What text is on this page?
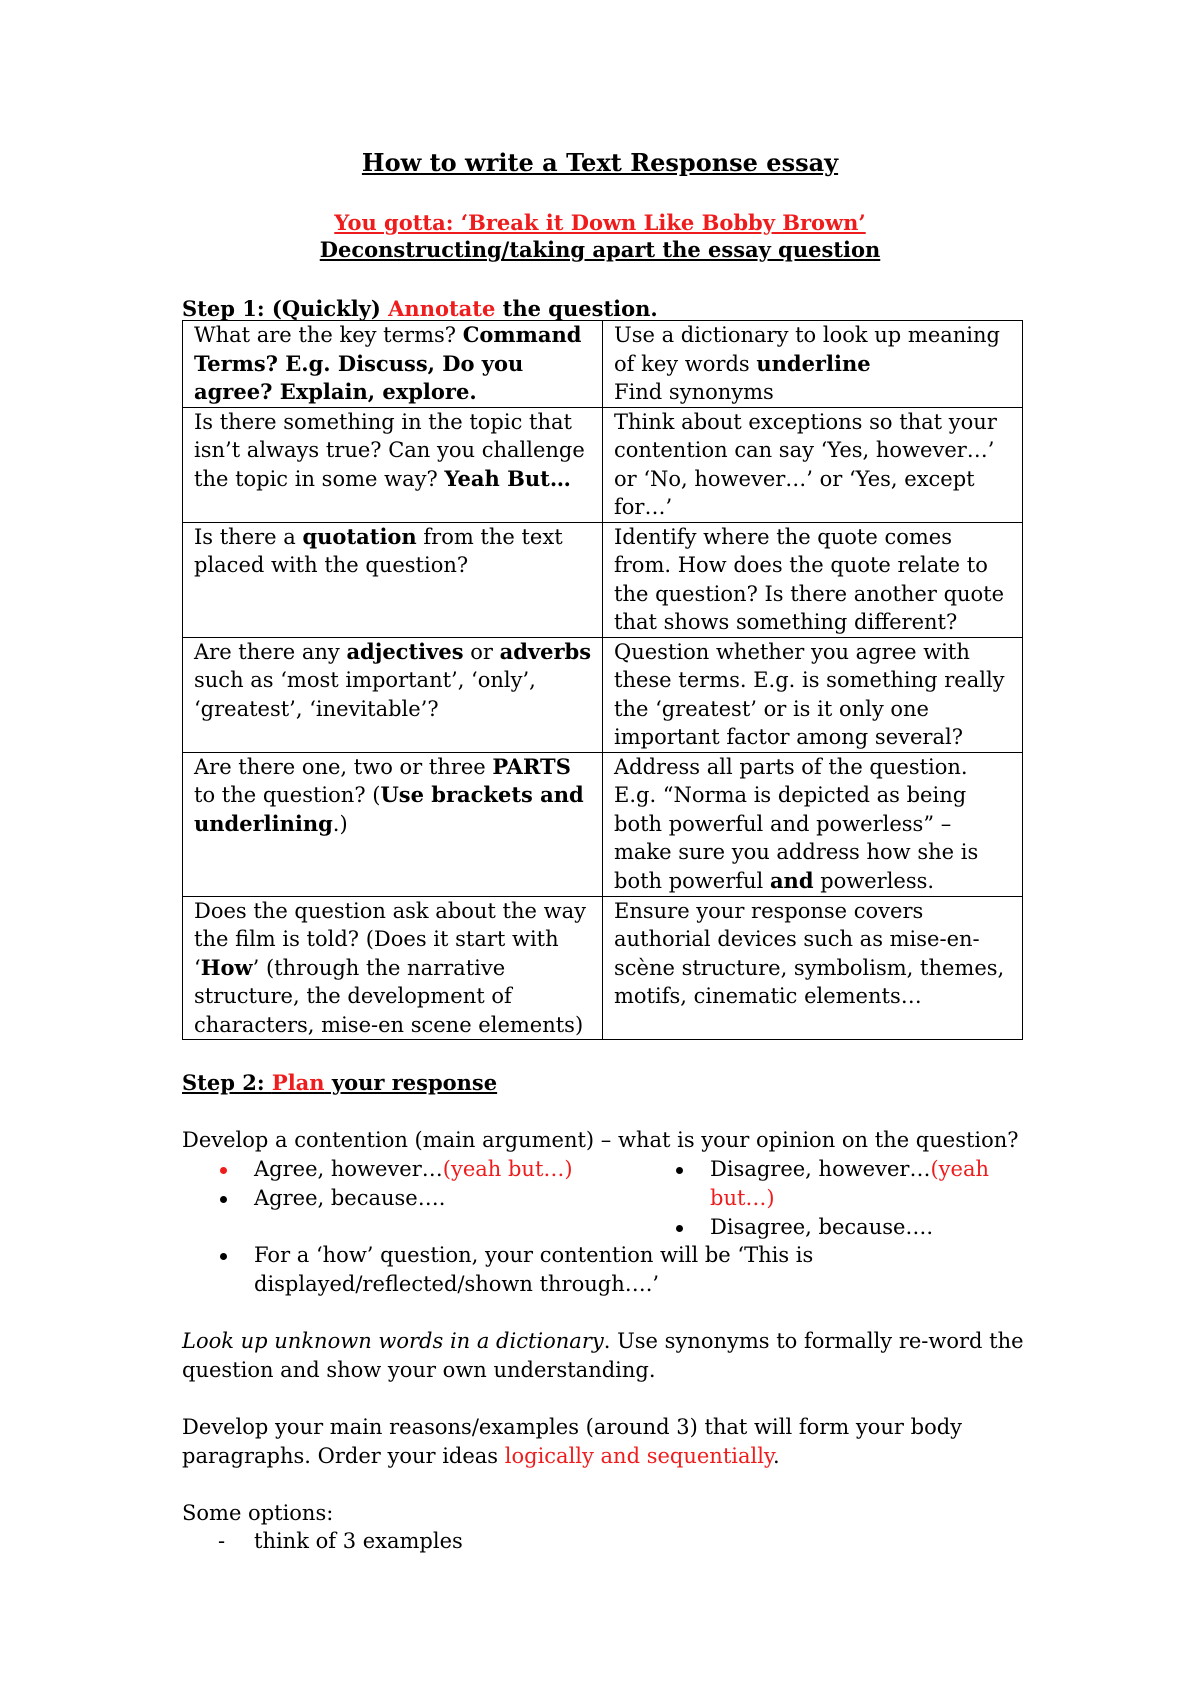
How to write a Text Response essay
You gotta: ‘Break it Down Like Bobby Brown’
Deconstructing/taking apart the essay question
Step 1: (Quickly) Annotate the question.
What are the key terms? Command Terms? E.g. Discuss, Do you agree? Explain, explore.	Use a dictionary to look up meaning of key words underline
Find synonyms
Is there something in the topic that isn’t always true? Can you challenge the topic in some way? Yeah But…	Think about exceptions so that your contention can say ‘Yes, however…’ or ‘No, however…’ or ‘Yes, except for…’
Is there a quotation from the text placed with the question?	Identify where the quote comes from. How does the quote relate to the question? Is there another quote that shows something different?
Are there any adjectives or adverbs such as ‘most important’, ‘only’, ‘greatest’, ‘inevitable’?	Question whether you agree with these terms. E.g. is something really the ‘greatest’ or is it only one important factor among several?
Are there one, two or three PARTS to the question? (Use brackets and underlining.)	Address all parts of the question. E.g. “Norma is depicted as being both powerful and powerless” – make sure you address how she is both powerful and powerless.
Does the question ask about the way the film is told? (Does it start with ‘How’ (through the narrative structure, the development of characters, mise-en scene elements)	Ensure your response covers authorial devices such as mise-en-scène structure, symbolism, themes, motifs, cinematic elements…
Step 2: Plan your response
Develop a contention (main argument) – what is your opinion on the question?
Agree, however…(yeah but…)
Agree, because….
Disagree, however…(yeah but…)
Disagree, because….
For a ‘how’ question, your contention will be ‘This is displayed/reflected/shown through….’
Look up unknown words in a dictionary. Use synonyms to formally re-word the question and show your own understanding.
Develop your main reasons/examples (around 3) that will form your body paragraphs. Order your ideas logically and sequentially.
Some options:
- think of 3 examples
